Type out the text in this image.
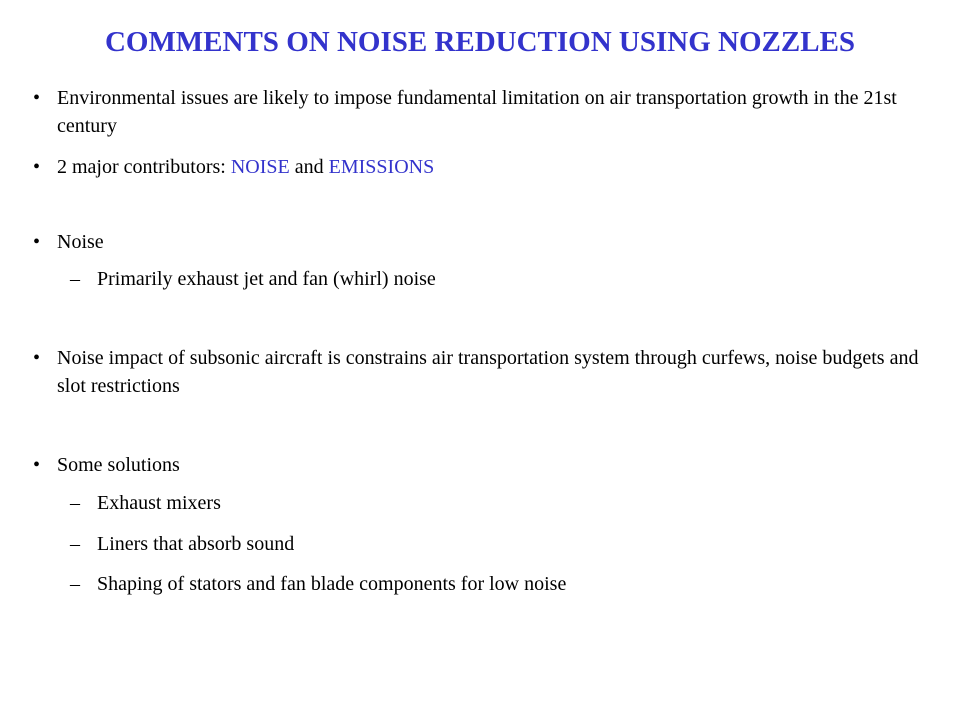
COMMENTS ON NOISE REDUCTION USING NOZZLES
• Environmental issues are likely to impose fundamental limitation on air transportation growth in the 21st century
• 2 major contributors: NOISE and EMISSIONS
• Noise
– Primarily exhaust jet and fan (whirl) noise
• Noise impact of subsonic aircraft is constrains air transportation system through curfews, noise budgets and slot restrictions
• Some solutions
– Exhaust mixers
– Liners that absorb sound
– Shaping of stators and fan blade components for low noise
